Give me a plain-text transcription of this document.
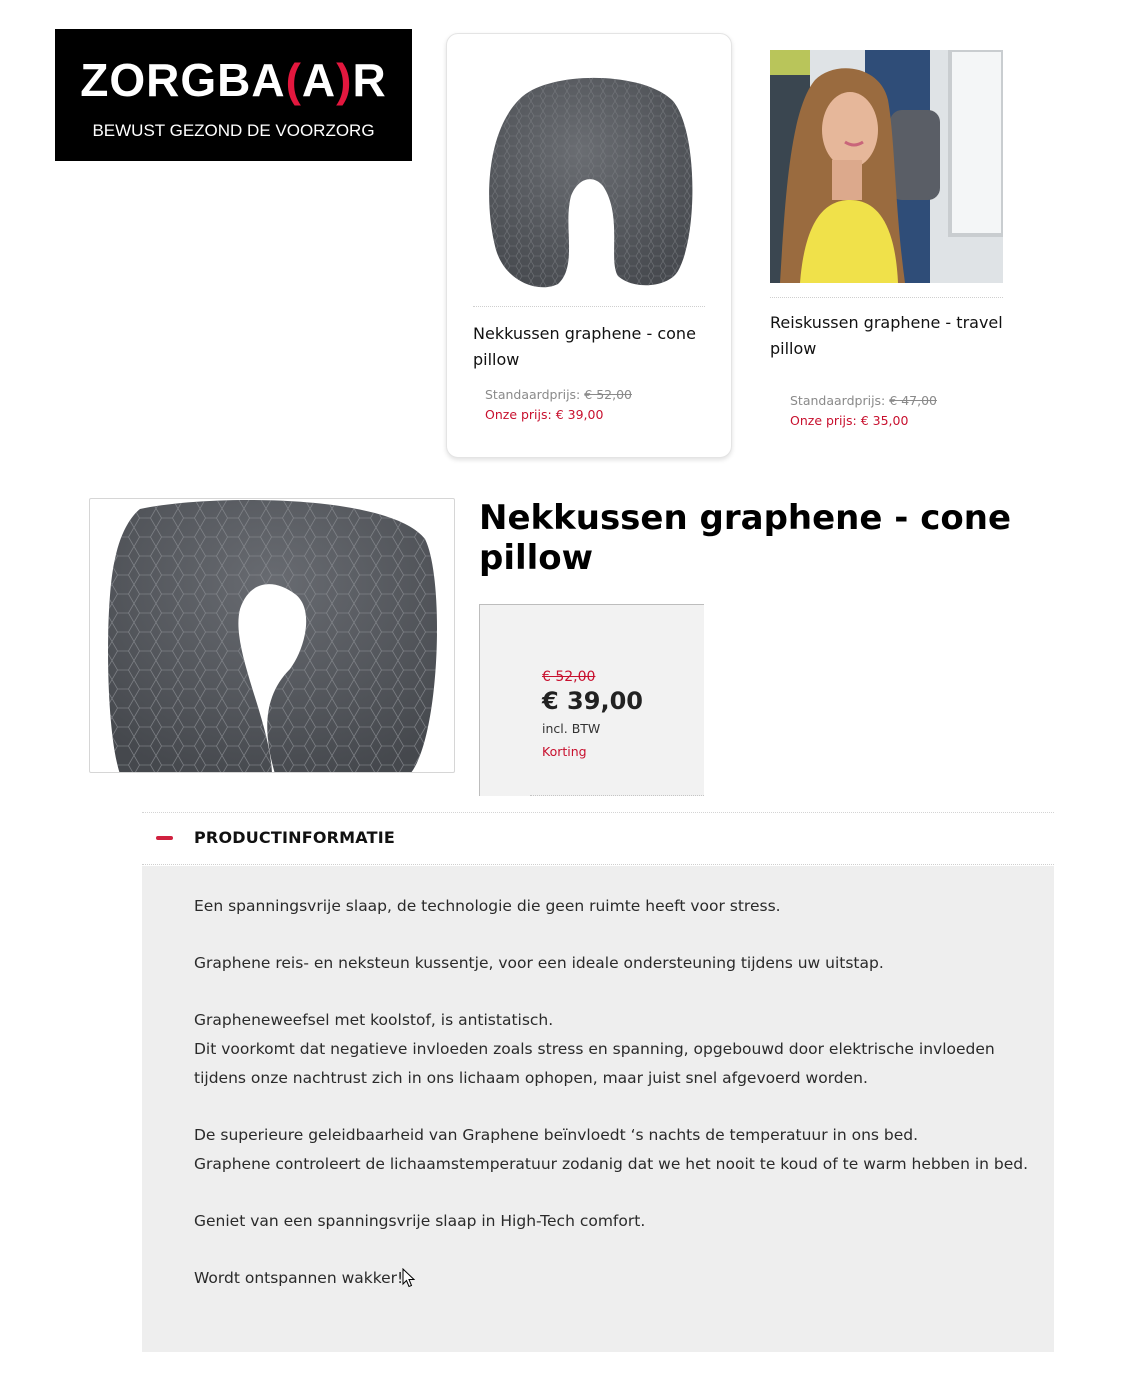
ZORGBA(A)R
BEWUST GEZOND DE VOORZORG
Nekkussen graphene - cone pillow
Standaardprijs: € 52,00
Onze prijs: € 39,00
Reiskussen graphene - travel pillow
Standaardprijs: € 47,00
Onze prijs: € 35,00
Nekkussen graphene - cone pillow
€ 52,00
€ 39,00
incl. BTW
Korting
PRODUCTINFORMATIE

Een spanningsvrije slaap, de technologie die geen ruimte heeft voor stress.

Graphene reis- en neksteun kussentje, voor een ideale ondersteuning tijdens uw uitstap.

Grapheneweefsel met koolstof, is antistatisch.

Dit voorkomt dat negatieve invloeden zoals stress en spanning, opgebouwd door elektrische invloeden tijdens onze nachtrust zich in ons lichaam ophopen, maar juist snel afgevoerd worden.

De superieure geleidbaarheid van Graphene beïnvloedt ‘s nachts de temperatuur in ons bed.

Graphene controleert de lichaamstemperatuur zodanig dat we het nooit te koud of te warm hebben in bed.

Geniet van een spanningsvrije slaap in High-Tech comfort.

Wordt ontspannen wakker!
